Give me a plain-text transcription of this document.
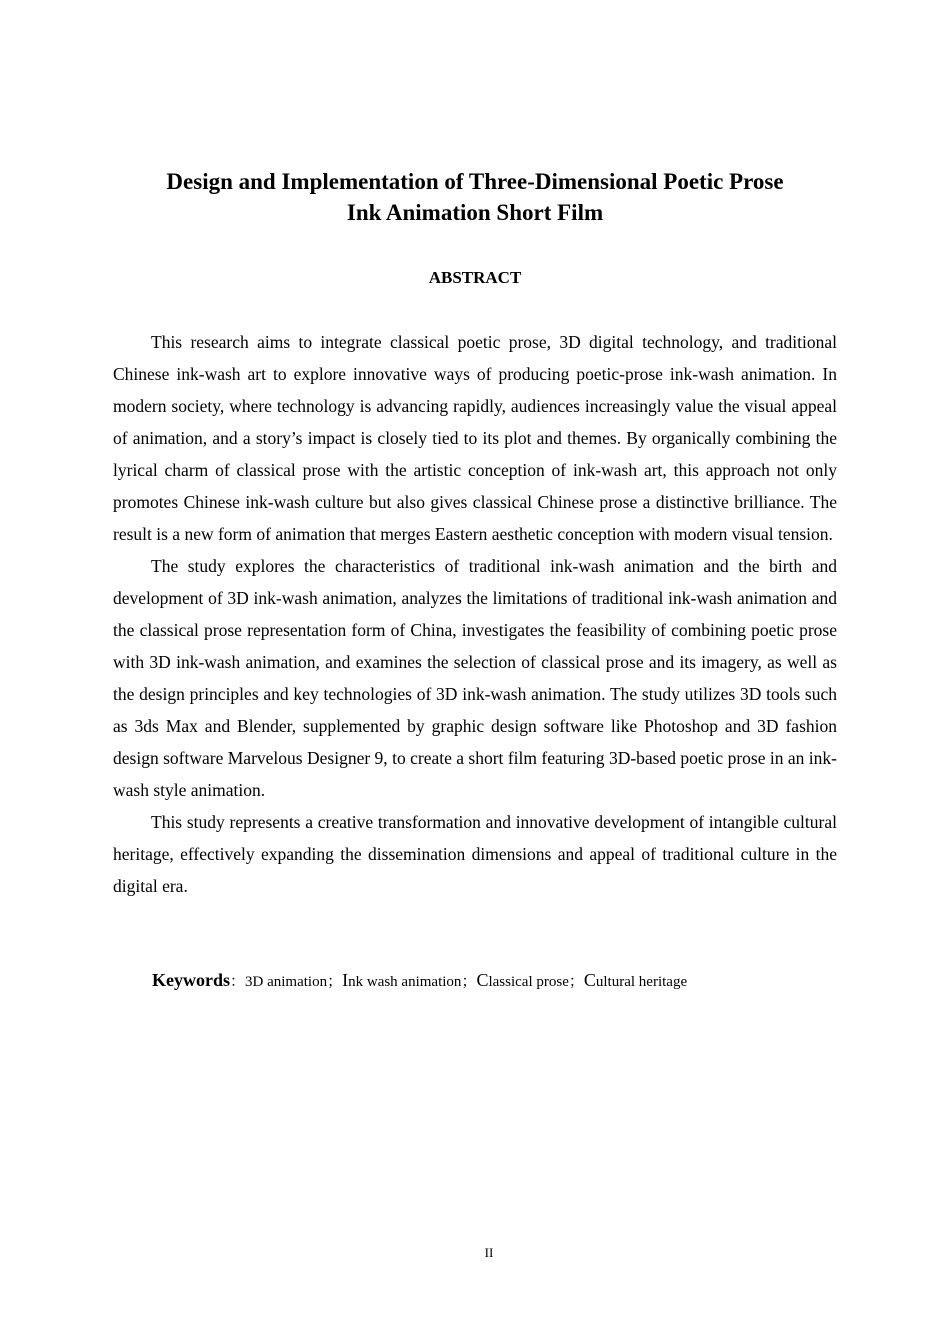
Design and Implementation of Three-Dimensional Poetic Prose
Ink Animation Short Film
ABSTRACT

This research aims to integrate classical poetic prose, 3D digital technology, and traditional Chinese ink-wash art to explore innovative ways of producing poetic-prose ink-wash animation. In modern society, where technology is advancing rapidly, audiences increasingly value the visual appeal of animation, and a story’s impact is closely tied to its plot and themes. By organically combining the lyrical charm of classical prose with the artistic conception of ink-wash art, this approach not only promotes Chinese ink-wash culture but also gives classical Chinese prose a distinctive brilliance. The result is a new form of animation that merges Eastern aesthetic conception with modern visual tension.

The study explores the characteristics of traditional ink-wash animation and the birth and development of 3D ink-wash animation, analyzes the limitations of traditional ink-wash animation and the classical prose representation form of China, investigates the feasibility of combining poetic prose with 3D ink-wash animation, and examines the selection of classical prose and its imagery, as well as the design principles and key technologies of 3D ink-wash animation. The study utilizes 3D tools such as 3ds Max and Blender, supplemented by graphic design software like Photoshop and 3D fashion design software Marvelous Designer 9, to create a short film featuring 3D-based poetic prose in an ink-wash style animation.

This study represents a creative transformation and innovative development of intangible cultural heritage, effectively expanding the dissemination dimensions and appeal of traditional culture in the digital era.

Keywords：3D animation；Ink wash animation；Classical prose；Cultural heritage
II
